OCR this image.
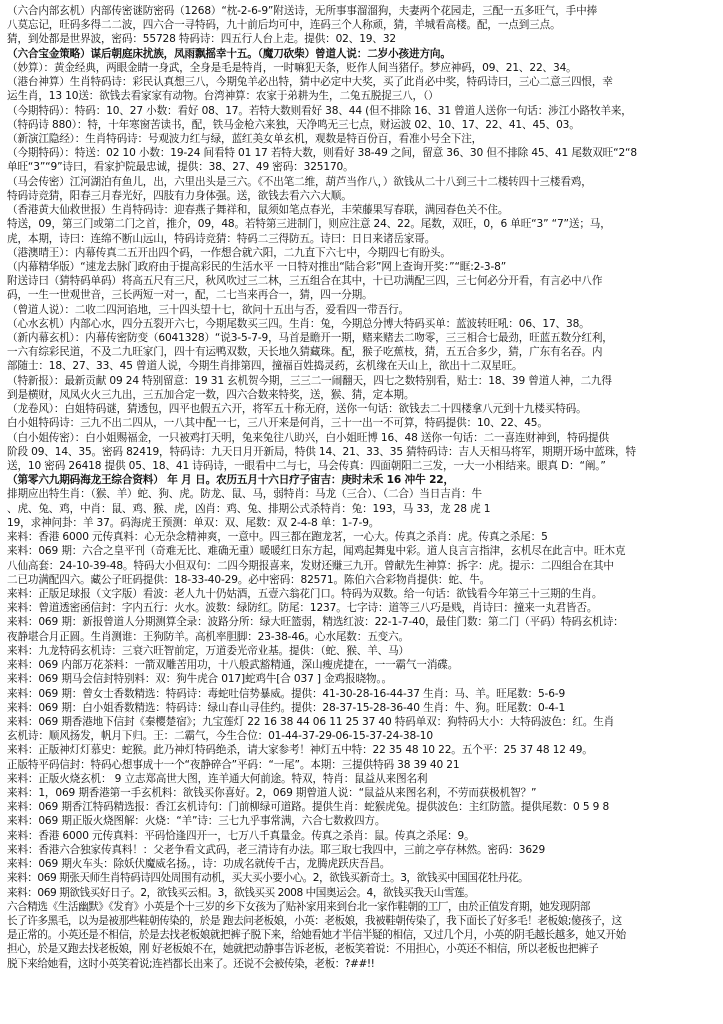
（六合内部玄机）内部传密谜防密码（1268）“枕-2-6-9”附送诗，无所事事溜溜狗，夫妻两个花园走，三配一五多旺气，手中捧
八莫忘记，旺码多得二二波，四六合一寻特码，九十前后均可中，连码三个人称顽，猜，羊城看高楼。配，一点到三点。
猜，到处都是世界波，密码：55728 特码诗：四五行人台上走。提供：02、19、32
（六合宝金策略）谋后朝庭床扰族，凤雨飘摇幸十五。（魔刀砍柴）曾道人说：二岁小孩进方向。
（妙算）：黄金经典，两眼金睛一身武，全身是毛是特肖，一时嘛犯天条，贬作人间当猪仔。梦应神码，09、21、22、34。
（港台神算）生肖特码诗：彩民认真想三八，今期兔羊必出特，猜中必定中大奖，买了此肖必中奖，特码诗曰，三心二意三四恨，幸
运生肖，13 10送：欲钱去看家家有动物。台湾神算：农家于弟耕为生，二兔五脱捉三八，（）
（今期特码）：特码：10、27 小数：看好 08、17。若特大数则看好 38、44 (但不排除 16、31 曾道人送你一句话：涉江小路牧羊来，
（特码诗 880）：特，十年寒窗苦读书，配，铁马金枪六来独，天净鸣无三七点，财运波 02、10、17、22、41、45、03。
（新演江隐经）：生肖特码诗：号观波力红与绿，蓝红美女单玄机，观数是特百份百，看准小号全下注，
（今期特码）：特送：02 10 小数：19-24 间看特 01 17 若特大数，则看好 38-49 之间，留意 36、30 但不排除 45、41 尾数双旺“2“8
单旺“3”“9”诗曰，看家护院最忠诚，提供：38、27、49 密码：325170。
（马会传密）江河湖泊有鱼儿，出，六里出头是三六。《不出笔二维，葫芦当作八，）欲钱从二十八到三十二楼转四十三楼看鸡，
特码诗竞猜，阳春三月春光好，四肢有力身体强。送，欲钱去看六六大顺。
（香港黄大仙救世报）生肖特码诗：迎春燕子舞祥和，鼠须如笔点春光，丰荣藤果写春联，满园春色关不住。
特送，09，第三门或第二门之首，推介，09，48。若特第三进制门，则应注意 24、22。尾数，双旺，0，6 单旺“3” “7”送；马，
虎，本期，诗曰：连绵不断山远山，特码诗竞猜：特码二三得防五。诗曰：日日来诸岳家哥。
（港澳晴王）：内幕传真二五开出四个码，一作想合就六阳，二九直下六七中，今期四七有盼头。
（内幕精华版）“速龙去脉门政府由于提高彩民的生活水平 一日特对推出“陆合彩”网上查询开奖：”“眶:2-3-8”
附送诗曰（猜特码单码）将高五尺有三尺，秋风吹过三二林，三五组合在其中，十已功满配三四，三七何必分开看，有言必中八作
码，一生一世观世音，三长两短一对一，配，二七当来再合一，猜，四一分期。
（曾道人说）：二收二四河谄地，三十四头望十七，欲问十五出与否，爱看四一带吾行。
（心水玄机）内部心水，四分五裂开六七，今期尾数买三四。生肖：兔，今期总分博大特码买单：蓝波转旺吼：06、17、38。
（新内幕玄机）：内幕传密防变（6041328）“说3-5-7-9，马首是瞻开一期，赌来赌去二吻零，三三相合七最劲，旺蓝五数分红利，
一六有综彩民道，不及二九旺家门，四十有运鸭双数，天长地久猜藏珠。配，猴子吃蕉枝，猜，五五合多少，猜，广东有名吞。内
部随士：18、27、33、45 曾道人说，今期生肖排第四，撞福百姓捣灵药，玄机缘在天山上，欲出十二双星旺。
（特新报）：最新贡献 09 24 特别留意：19 31 玄机贺今期，三三二一闹翻天，四七之数特别看，贴士：18、39 曾道人神，二九得
到是横财，凤凤火火三九出，三五加合定一数，四六合数来特奖，送，猴、猜，定本期。
（龙卷风）：白姐特码谜，猜透包，四平也假五六开，将军五十称无府，送你一句话：欲钱去二十四楼拿八元到十九楼买特码。
白小姐特码诗：三九不出二四从，一八其中配一七，三八开来是何肖，三十一出一不可算，特码提供：10、22、45。
（白小姐传密）：白小姐赐福金，一只被鸡打天明，兔来兔往八助兴，白小姐旺博 16、48 送你一句话：二一喜连财神到，特码提供
阶段 09、14、35。密码 82419，特码诗：九天日月开新局，特供 14、21、33、35 猜特码诗：吉人天相马将军，期期开场中蓝珠，特
送，10 密码 26418 提供 05、18、41 诗码诗，一眼看中二与七，马会传真：四面朝阳二三发，一大一小相结来。眼真 D：“阐。”
（第零六九期码海龙王综合资料） 年 月 日。农历五月十六日疗子宙吉：庚时未禾 16 冲牛 22，
排期应出特生肖：（猴、羊）蛇、狗、虎。防龙、鼠、马，弱特肖：马龙（三合）、（二合）当日吉肖：牛
、虎、兔、鸡，中肖：鼠、鸡、猴、虎，凶肖：鸡、兔、排期公式杀特肖：兔：193，马 33，龙 28 虎 1
19，求神问卦：羊 37。码海虎王预测：单双：双、尾数：双 2-4-8 单：1-7-9。
来料：香港 6000 元传真料：心无杂念精神爽，一意中。四三都在跑龙茗，一心大。传真之杀肖：虎。传真之杀尾：5
来料：069 期：六合之皇平刊（奇难无比、难确无重）暖暖红日东方起，闻鸡起舞鬼中彩。道人良言言指津，玄机尽在此言中。旺木克
八仙高套：24-10-39-48。特码大小但双句：二四今期报喜来，发财还赚三九开。曾献先生神算：拆字：虎。提示：二四组合在其中
二已功满配四六。藏公子旺码提供：18-33-40-29。必中密码：82571。陈伯六合彩物肖提供：蛇、牛。
来料：正版足球报（文字版）看波：老人九十仍姑酒，五壹六翁花门口。特码为双数。给一句话：欲钱看今年第三十三期的生肖。
来料：曾道透密函信封：字内五行：火水。波数：绿防红。防尾：1237。七字诗：道等三八巧是贱，肖诗曰：撞来一丸君皆否。
来料：069 期：新报曾道人分期测算全录：波路分所：绿大旺篮弱，精选红波：22-1-7-40，最佳门数：第二门（平码）特码玄机诗：
夜静堪合月正圆。生肖测谁：王狗防羊。高机率胆脚：23-38-46。心水尾数：五变六。
来料：九龙特码玄机诗：三衰六旺智前定，万道委光帝业基。提供：（蛇、猴、羊、马）
来料：069 内部万花茶料：一箭双雕苦用功，十八般武豁精通，深山瘦虎捷在，一一霸气一消碟。
来料：069 期马会信封特别料：双：狗牛虎合 017]蛇鸡牛[合 037 ] 金鸡报晓物。。
来料：069 期：曾女士香数精选：特码诗：毒蛇吐信势暴威。提供：41-30-28-16-44-37 生肖：马、羊。旺尾数：5-6-9
来料：069 期：白小姐香数精选：特码诗：绿山春山寻佳约。提供：28-37-15-28-36-40 生肖：牛、狗。旺尾数：0-4-1
来料：069 期香港地下信封《秦樱楚宿》；九宝莲灯 22 16 38 44 06 11 25 37 40 特码单双：狗特码大小：大特码波色：红。生肖
玄机诗：顺风扬发，帆月下归。王：二霸气，今生合位：01-44-37-29-06-15-37-24-38-10
来料：正版神灯灯慕史：蛇猴。此乃神灯特码绝杀，请大家参考！神灯五中特：22 35 48 10 22。五个平：25 37 48 12 49。
正版特平码信封：特码心想事成十一个“夜静碎合”平码：“一尾”。本期：三提供特码 38 39 40 21
来料：正版火烧玄机： 9 立志郑高世大图，连羊通大何前途。特双，特肖：鼠益从来图名利
来料：1，069 期香港第一手玄机料：欲钱买你喜好。2，069 期曾道人说：“鼠益从来图名利，不劳而获极机智？”
来料：069 期香江特码精选报：香江玄机诗句：门前柳绿可道路。提供生肖：蛇猴虎兔。提供波色：主红防篮。提供尾数：0 5 9 8
来料：069 期正版火烧图解：火烧：“羊”诗：三七九乎事常满，六合七数救四方。
来料：香港 6000 元传真料：平码恰逢四开一，七万八千真量金。传真之杀肖：鼠。传真之杀尾：9。
来料：香港六合独家传真料！：父老争看文武码，老三清诗有办法。耶三取七我四中，三前之亭存林然。密码：3629
来料：069 期火车头：除妖伏魔威名扬。，诗：功成名就传千古，龙腾虎跃庆吾昌。
来料：069 期张天师生肖特码诗四处周围有动机，买大买小要小心。2，欲钱买新奇士。3，欲钱买中国国花牡丹花。
来料：069 期欲钱买好日子。2，欲钱买云相。3，欲钱买买 2008 中国奥运会。4，欲钱买我天山雪莲。
六合精选《生活幽默》《发育》小英是个十三岁的乡下女孩为了贴补家用来到台北一家作鞋朝的工厂，由於正值发育期，她发现阴部
长了许多黑毛，以为是被那些鞋朝传染的，於是 跑去问老板娘，小英：老板娘，我被鞋朝传染了，我下面长了好多毛！老板娘;傻孩子，这
是正常的。小英还是不相信，於是去找老板娘就把裤子脱下来，给她看她才半信半疑的相信，又过几个月，小英的阴毛越长越多，她又开始
担心，於是又跑去找老板娘，刚 好老板娘不在，她就把动静事告诉老板，老板笑着说：不用担心，小英还不相信，所以老板也把裤子
脱下来给她看，这时小英笑着说;连裆都长出来了。还说不会被传染，老板：?##!!
